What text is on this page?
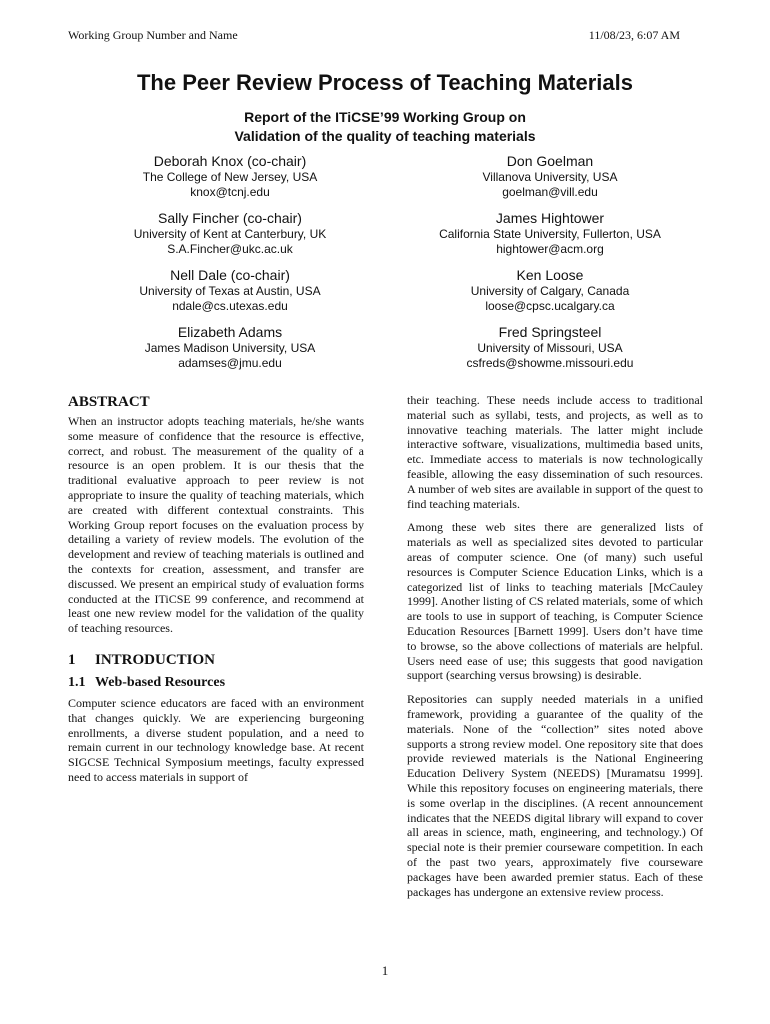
Working Group Number and Name	11/08/23, 6:07 AM
The Peer Review Process of Teaching Materials
Report of the ITiCSE’99 Working Group on
Validation of the quality of teaching materials
Deborah Knox (co-chair)
The College of New Jersey, USA
knox@tcnj.edu
Don Goelman
Villanova University, USA
goelman@vill.edu
Sally Fincher (co-chair)
University of Kent at Canterbury, UK
S.A.Fincher@ukc.ac.uk
James Hightower
California State University, Fullerton, USA
hightower@acm.org
Nell Dale (co-chair)
University of Texas at Austin, USA
ndale@cs.utexas.edu
Ken Loose
University of Calgary, Canada
loose@cpsc.ucalgary.ca
Elizabeth Adams
James Madison University, USA
adamses@jmu.edu
Fred Springsteel
University of Missouri, USA
csfreds@showme.missouri.edu
ABSTRACT

When an instructor adopts teaching materials, he/she wants some measure of confidence that the resource is effective, correct, and robust. The measurement of the quality of a resource is an open problem. It is our thesis that the traditional evaluative approach to peer review is not appropriate to insure the quality of teaching materials, which are created with different contextual constraints. This Working Group report focuses on the evaluation process by detailing a variety of review models. The evolution of the development and review of teaching materials is outlined and the contexts for creation, assessment, and transfer are discussed. We present an empirical study of evaluation forms conducted at the ITiCSE 99 conference, and recommend at least one new review model for the validation of the quality of teaching resources.

1 INTRODUCTION
1.1 Web-based Resources

Computer science educators are faced with an environment that changes quickly. We are experiencing burgeoning enrollments, a diverse student population, and a need to remain current in our technology knowledge base. At recent SIGCSE Technical Symposium meetings, faculty expressed need to access materials in support of

their teaching. These needs include access to traditional material such as syllabi, tests, and projects, as well as to innovative teaching materials. The latter might include interactive software, visualizations, multimedia based units, etc. Immediate access to materials is now technologically feasible, allowing the easy dissemination of such resources. A number of web sites are available in support of the quest to find teaching materials.

Among these web sites there are generalized lists of materials as well as specialized sites devoted to particular areas of computer science. One (of many) such useful resources is Computer Science Education Links, which is a categorized list of links to teaching materials [McCauley 1999]. Another listing of CS related materials, some of which are tools to use in support of teaching, is Computer Science Education Resources [Barnett 1999]. Users don’t have time to browse, so the above collections of materials are helpful. Users need ease of use; this suggests that good navigation support (searching versus browsing) is desirable.

Repositories can supply needed materials in a unified framework, providing a guarantee of the quality of the materials. None of the “collection” sites noted above supports a strong review model. One repository site that does provide reviewed materials is the National Engineering Education Delivery System (NEEDS) [Muramatsu 1999]. While this repository focuses on engineering materials, there is some overlap in the disciplines. (A recent announcement indicates that the NEEDS digital library will expand to cover all areas in science, math, engineering, and technology.) Of special note is their premier courseware competition. In each of the past two years, approximately five courseware packages have been awarded premier status. Each of these packages has undergone an extensive review process.

1
